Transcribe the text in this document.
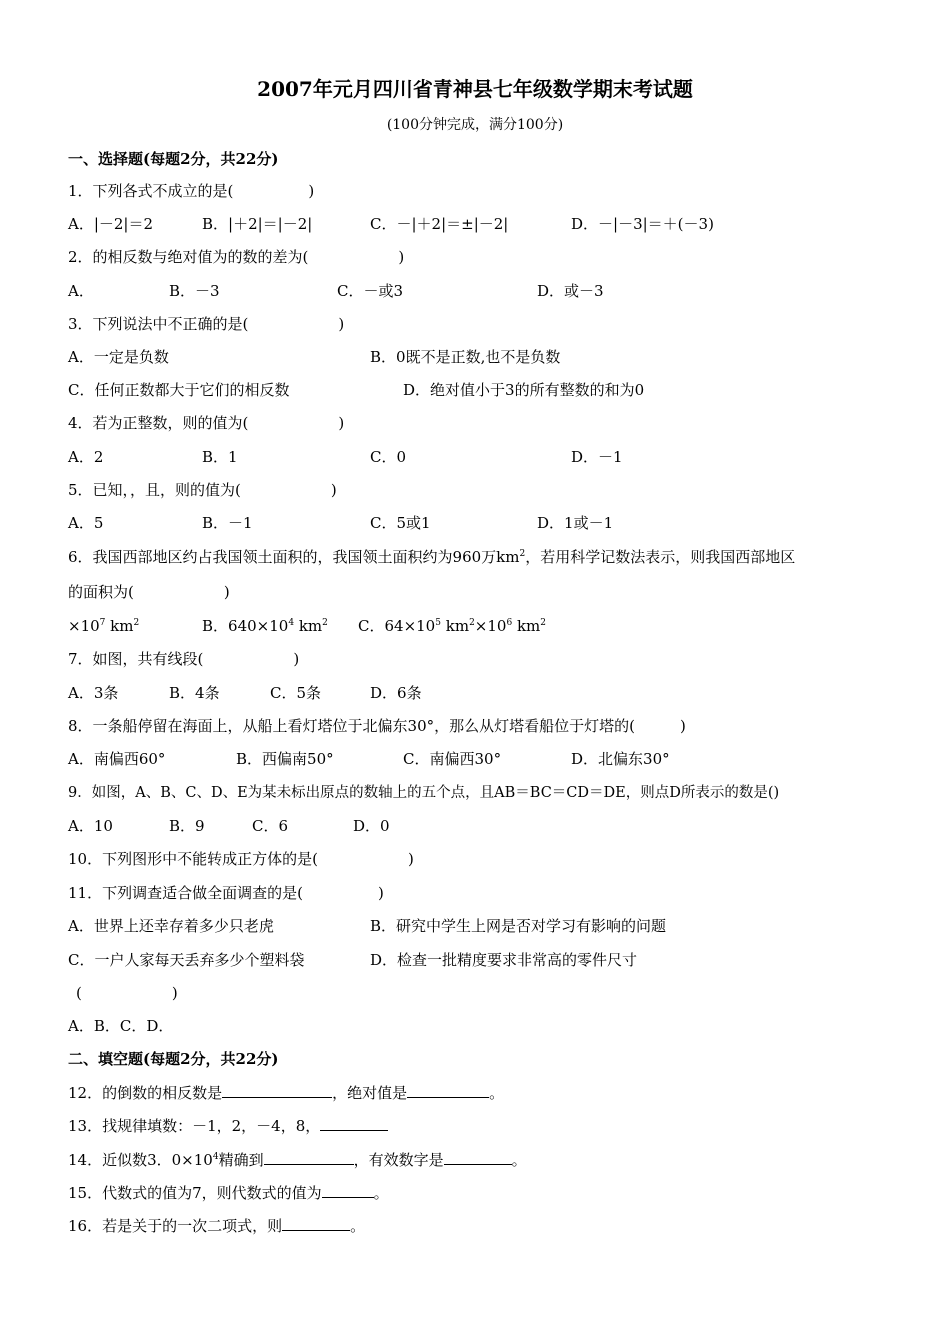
2007年元月四川省青神县七年级数学期末考试题
(100分钟完成，满分100分)
一、选择题(每题2分，共22分)
1．下列各式不成立的是(　　　　　)
A．|－2|＝2	B．|＋2|＝|－2|	C．－|＋2|＝±|－2|	D．－|－3|＝＋(－3)
2．的相反数与绝对值为的数的差为(　　　　　　)
A．	B．－3	C．－或3	D．或－3
3．下列说法中不正确的是(　　　　　　)
A．一定是负数	B．0既不是正数,也不是负数
C．任何正数都大于它们的相反数	D．绝对值小于3的所有整数的和为0
4．若为正整数，则的值为(　　　　　　)
A．2	B．1	C．0	D．－1
5．已知，，且，则的值为(　　　　　　)
A．5	B．－1	C．5或1	D．1或－1
6．我国西部地区约占我国领土面积的，我国领土面积约为960万$km^2$，若用科学记数法表示，则我国西部地区
的面积为(　　　　　　)
$\times 10^7$ $km^2$	B．$640\times 10^4$ $km^2$ C．$64\times 10^5$ $km^2\times 10^6$ $km^2$
7．如图，共有线段(　　　　　　)
A．3条	B．4条	C．5条	D．6条
8．一条船停留在海面上，从船上看灯塔位于北偏东30°，那么从灯塔看船位于灯塔的(　　　)
A．南偏西60°	B．西偏南50°	C．南偏西30°	D．北偏东30°
9．如图，A、B、C、D、E为某未标出原点的数轴上的五个点，且AB＝BC＝CD＝DE，则点D所表示的数是()
A．10	B．9	C．6	D．0
10．下列图形中不能转成正方体的是(　　　　　　)
11．下列调查适合做全面调查的是(　　　　　)
A．世界上还幸存着多少只老虎	B．研究中学生上网是否对学习有影响的问题
C．一户人家每天丢弃多少个塑料袋	D．检查一批精度要求非常高的零件尺寸
(　　　　　　)
A．B．C．D．
二、填空题(每题2分，共22分)
12．的倒数的相反数是	，绝对值是	。
13．找规律填数：－1，2，－4，8，
14．近似数3．$0\times 10^4$精确到	，有效数字是	。
15．代数式的值为7，则代数式的值为	。
16．若是关于的一次二项式，则	。
